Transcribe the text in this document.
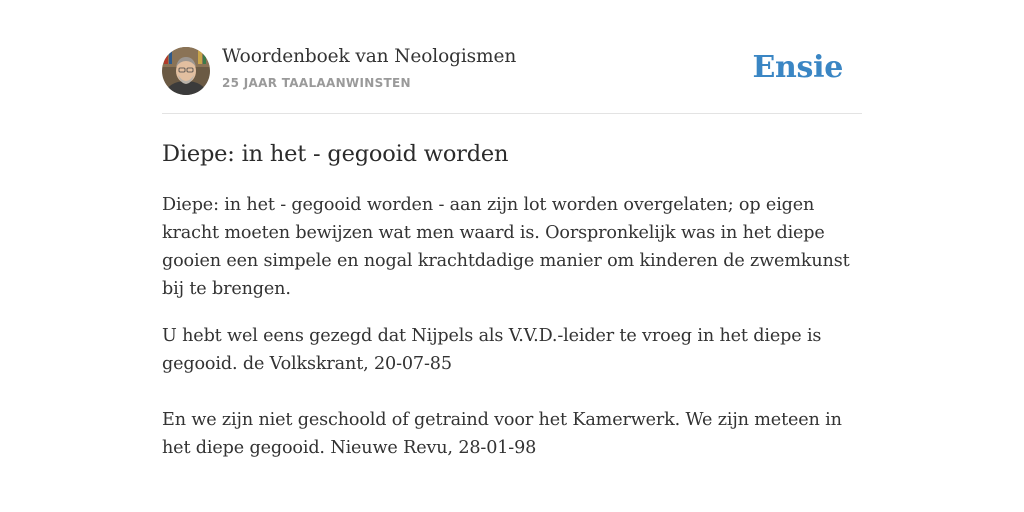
Woordenboek van Neologismen
25 JAAR TAALAANWINSTEN	Ensie
Diepe: in het - gegooid worden

Diepe: in het - gegooid worden - aan zijn lot worden overgelaten; op eigen kracht moeten bewijzen wat men waard is. Oorspronkelijk was in het diepe gooien een simpele en nogal krachtdadige manier om kinderen de zwemkunst bij te brengen.

U hebt wel eens gezegd dat Nijpels als V.V.D.-leider te vroeg in het diepe is gegooid. de Volkskrant, 20-07-85

En we zijn niet geschoold of getraind voor het Kamerwerk. We zijn meteen in het diepe gegooid. Nieuwe Revu, 28-01-98
